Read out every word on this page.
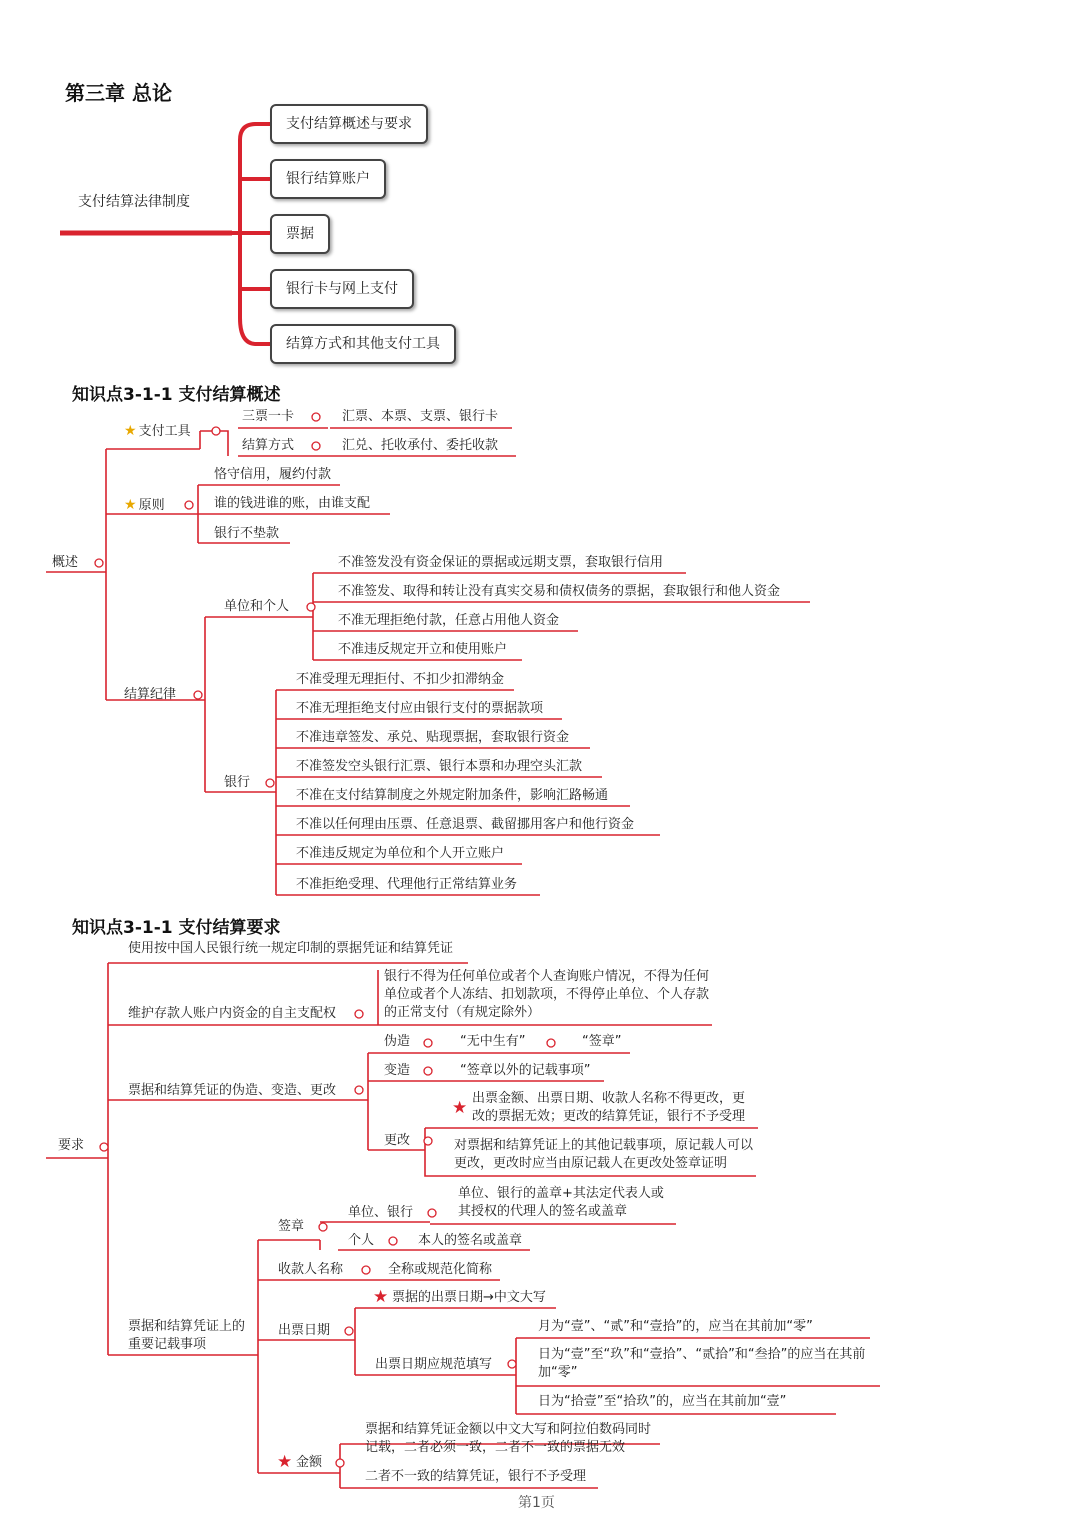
第三章 总论
支付结算法律制度
支付结算概述与要求
银行结算账户
票据
银行卡与网上支付
结算方式和其他支付工具
知识点3-1-1 支付结算概述
概述
★ 支付工具
三票一卡	汇票、本票、支票、银行卡
结算方式	汇兑、托收承付、委托收款
★ 原则
恪守信用，履约付款
谁的钱进谁的账，由谁支配
银行不垫款
结算纪律
单位和个人
不准签发没有资金保证的票据或远期支票，套取银行信用
不准签发、取得和转让没有真实交易和债权债务的票据，套取银行和他人资金
不准无理拒绝付款，任意占用他人资金
不准违反规定开立和使用账户
银行
不准受理无理拒付、不扣少扣滞纳金
不准无理拒绝支付应由银行支付的票据款项
不准违章签发、承兑、贴现票据，套取银行资金
不准签发空头银行汇票、银行本票和办理空头汇款
不准在支付结算制度之外规定附加条件，影响汇路畅通
不准以任何理由压票、任意退票、截留挪用客户和他行资金
不准违反规定为单位和个人开立账户
不准拒绝受理、代理他行正常结算业务
知识点3-1-1 支付结算要求
要求
使用按中国人民银行统一规定印制的票据凭证和结算凭证
维护存款人账户内资金的自主支配权
银行不得为任何单位或者个人查询账户情况，不得为任何单位或者个人冻结、扣划款项，不得停止单位、个人存款的正常支付（有规定除外）
票据和结算凭证的伪造、变造、更改
伪造	“无中生有”	“签章”
变造	“签章以外的记载事项”
更改
★ 出票金额、出票日期、收款人名称不得更改，更改的票据无效；更改的结算凭证，银行不予受理
对票据和结算凭证上的其他记载事项，原记载人可以更改，更改时应当由原记载人在更改处签章证明
票据和结算凭证上的重要记载事项
签章
单位、银行
单位、银行的盖章+其法定代表人或其授权的代理人的签名或盖章
个人	本人的签名或盖章
收款人名称	全称或规范化简称
出票日期
★ 票据的出票日期→中文大写
出票日期应规范填写
月为“壹”、“贰”和“壹拾”的，应当在其前加“零”
日为“壹”至“玖”和“壹拾”、“贰拾”和“叁拾”的应当在其前加“零”
日为“拾壹”至“拾玖”的，应当在其前加“壹”
★ 金额
票据和结算凭证金额以中文大写和阿拉伯数码同时记载，二者必须一致，二者不一致的票据无效
二者不一致的结算凭证，银行不予受理
第1页
